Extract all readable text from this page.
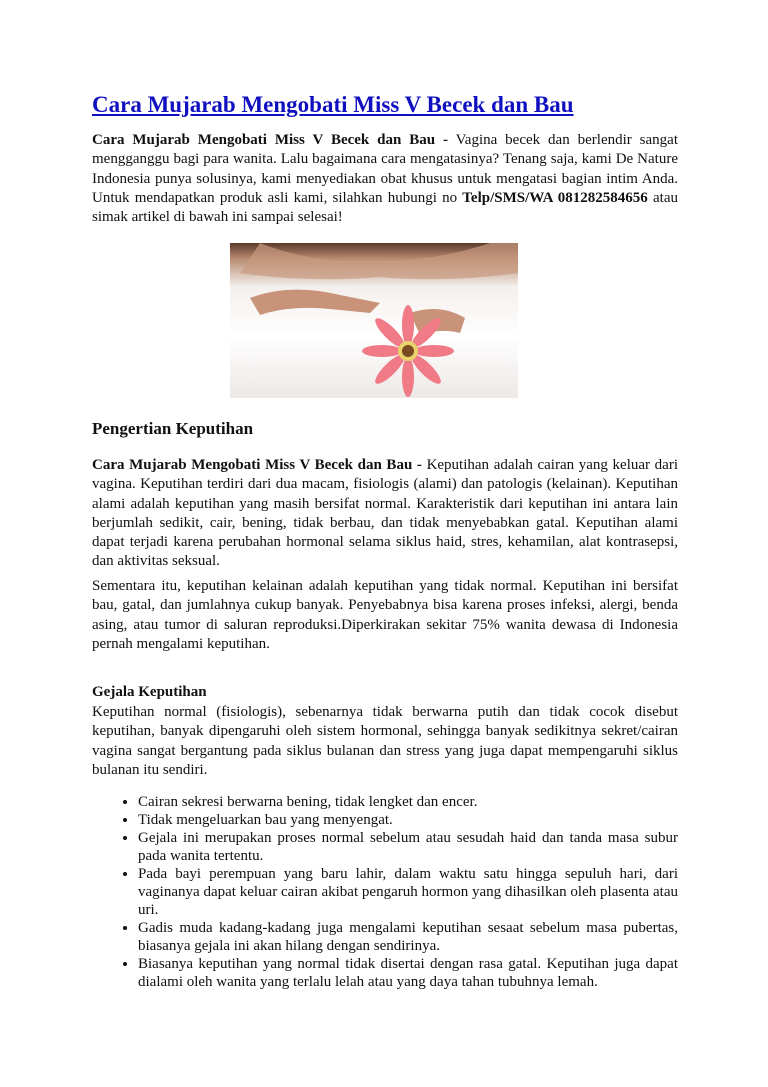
Cara Mujarab Mengobati Miss V Becek dan Bau
Cara Mujarab Mengobati Miss V Becek dan Bau - Vagina becek dan berlendir sangat mengganggu bagi para wanita. Lalu bagaimana cara mengatasinya? Tenang saja, kami De Nature Indonesia punya solusinya, kami menyediakan obat khusus untuk mengatasi bagian intim Anda. Untuk mendapatkan produk asli kami, silahkan hubungi no Telp/SMS/WA 081282584656 atau simak artikel di bawah ini sampai selesai!
Pengertian Keputihan
Cara Mujarab Mengobati Miss V Becek dan Bau - Keputihan adalah cairan yang keluar dari vagina. Keputihan terdiri dari dua macam, fisiologis (alami) dan patologis (kelainan). Keputihan alami adalah keputihan yang masih bersifat normal. Karakteristik dari keputihan ini antara lain berjumlah sedikit, cair, bening, tidak berbau, dan tidak menyebabkan gatal. Keputihan alami dapat terjadi karena perubahan hormonal selama siklus haid, stres, kehamilan, alat kontrasepsi, dan aktivitas seksual.
Sementara itu, keputihan kelainan adalah keputihan yang tidak normal. Keputihan ini bersifat bau, gatal, dan jumlahnya cukup banyak. Penyebabnya bisa karena proses infeksi, alergi, benda asing, atau tumor di saluran reproduksi.Diperkirakan sekitar 75% wanita dewasa di Indonesia pernah mengalami keputihan.
Gejala Keputihan
Keputihan normal (fisiologis), sebenarnya tidak berwarna putih dan tidak cocok disebut keputihan, banyak dipengaruhi oleh sistem hormonal, sehingga banyak sedikitnya sekret/cairan vagina sangat bergantung pada siklus bulanan dan stress yang juga dapat mempengaruhi siklus bulanan itu sendiri.
• Cairan sekresi berwarna bening, tidak lengket dan encer.
• Tidak mengeluarkan bau yang menyengat.
• Gejala ini merupakan proses normal sebelum atau sesudah haid dan tanda masa subur pada wanita tertentu.
• Pada bayi perempuan yang baru lahir, dalam waktu satu hingga sepuluh hari, dari vaginanya dapat keluar cairan akibat pengaruh hormon yang dihasilkan oleh plasenta atau uri.
• Gadis muda kadang-kadang juga mengalami keputihan sesaat sebelum masa pubertas, biasanya gejala ini akan hilang dengan sendirinya.
• Biasanya keputihan yang normal tidak disertai dengan rasa gatal. Keputihan juga dapat dialami oleh wanita yang terlalu lelah atau yang daya tahan tubuhnya lemah.
